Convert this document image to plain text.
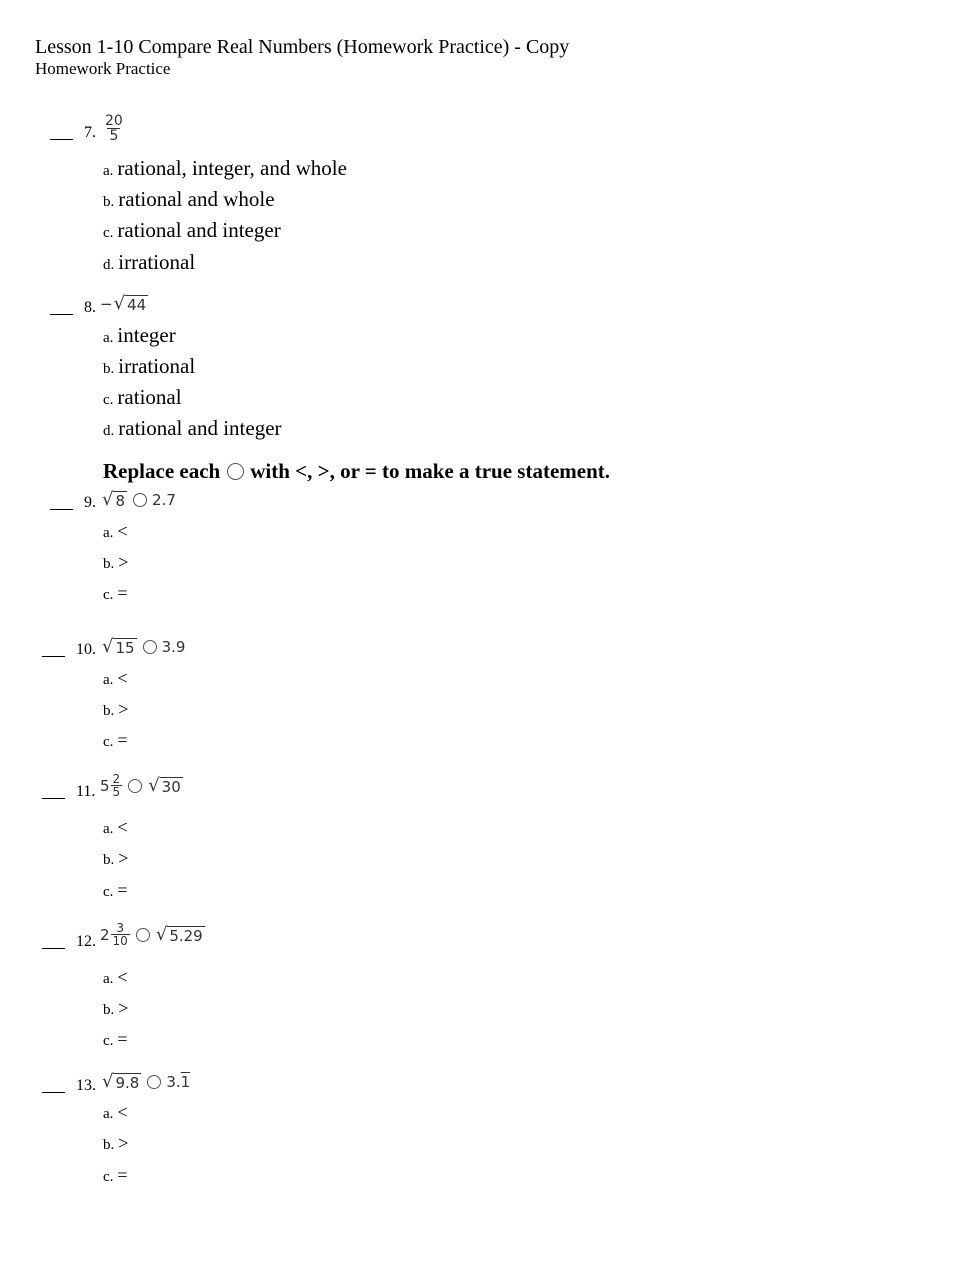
Lesson 1-10 Compare Real Numbers (Homework Practice) - Copy
Homework Practice
7. $\frac{20}{5}$
a. rational, integer, and whole
b. rational and whole
c. rational and integer
d. irrational
8. − √ 44
a. integer
b. irrational
c. rational
d. rational and integer
Replace each with <, >, or = to make a true statement.
9. √ 8 2.7
a. <
b. >
c. =
10. √ 15 3.9
a. <
b. >
c. =
11. $5 \frac{2}{5}$ √ 30
a. <
b. >
c. =
12. $2 \frac{3}{10}$ √ 5.29
a. <
b. >
c. =
13. √ 9.8 3. 1
a. <
b. >
c. =
